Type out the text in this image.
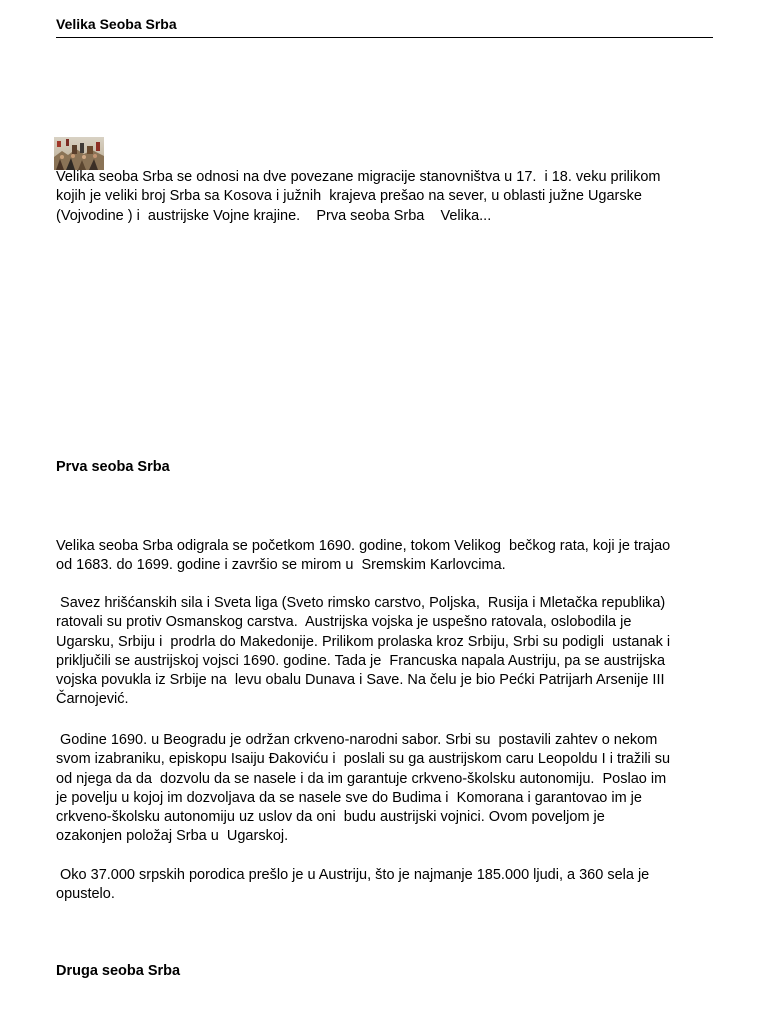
Velika Seoba Srba
Velika seoba Srba se odnosi na dve povezane migracije stanovništva u 17.  i 18. veku prilikom
kojih je veliki broj Srba sa Kosova i južnih  krajeva prešao na sever, u oblasti južne Ugarske
(Vojvodine ) i  austrijske Vojne krajine.    Prva seoba Srba    Velika...
Prva seoba Srba
Velika seoba Srba odigrala se početkom 1690. godine, tokom Velikog  bečkog rata, koji je trajao
od 1683. do 1699. godine i završio se mirom u  Sremskim Karlovcima.
Savez hrišćanskih sila i Sveta liga (Sveto rimsko carstvo, Poljska,  Rusija i Mletačka republika)
ratovali su protiv Osmanskog carstva.  Austrijska vojska je uspešno ratovala, oslobodila je
Ugarsku, Srbiju i  prodrla do Makedonije. Prilikom prolaska kroz Srbiju, Srbi su podigli  ustanak i
priključili se austrijskoj vojsci 1690. godine. Tada je  Francuska napala Austriju, pa se austrijska
vojska povukla iz Srbije na  levu obalu Dunava i Save. Na čelu je bio Pećki Patrijarh Arsenije III
Čarnojević.
Godine 1690. u Beogradu je održan crkveno-narodni sabor. Srbi su  postavili zahtev o nekom
svom izabraniku, episkopu Isaiju Đakoviću i  poslali su ga austrijskom caru Leopoldu I i tražili su
od njega da da  dozvolu da se nasele i da im garantuje crkveno-školsku autonomiju.  Poslao im
je povelju u kojoj im dozvoljava da se nasele sve do Budima i  Komorana i garantovao im je
crkveno-školsku autonomiju uz uslov da oni  budu austrijski vojnici. Ovom poveljom je
ozakonjen položaj Srba u  Ugarskoj.
Oko 37.000 srpskih porodica prešlo je u Austriju, što je najmanje 185.000 ljudi, a 360 sela je
opustelo.
Druga seoba Srba
